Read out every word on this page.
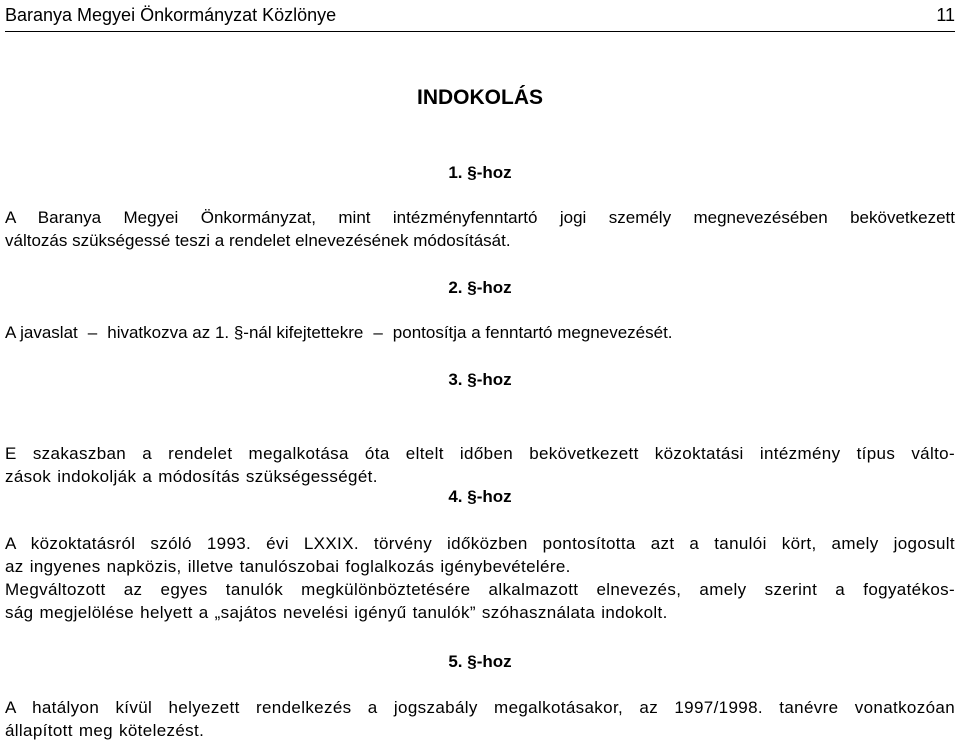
Baranya Megyei Önkormányzat Közlönye	11
INDOKOLÁS
1. §-hoz
A Baranya Megyei Önkormányzat, mint intézményfenntartó jogi személy megnevezésében bekövetkezett
változás szükségessé teszi a rendelet elnevezésének módosítását.
2. §-hoz
A javaslat – hivatkozva az 1. §-nál kifejtettekre – pontosítja a fenntartó megnevezését.
3. §-hoz
E szakaszban a rendelet megalkotása óta eltelt időben bekövetkezett közoktatási intézmény típus válto-
zások indokolják a módosítás szükségességét.
4. §-hoz
A közoktatásról szóló 1993. évi LXXIX. törvény időközben pontosította azt a tanulói kört, amely jogosult
az ingyenes napközis, illetve tanulószobai foglalkozás igénybevételére.
Megváltozott az egyes tanulók megkülönböztetésére alkalmazott elnevezés, amely szerint a fogyatékos-
ság megjelölése helyett a „sajátos nevelési igényű tanulók” szóhasználata indokolt.
5. §-hoz
A hatályon kívül helyezett rendelkezés a jogszabály megalkotásakor, az 1997/1998. tanévre vonatkozóan
állapított meg kötelezést.
